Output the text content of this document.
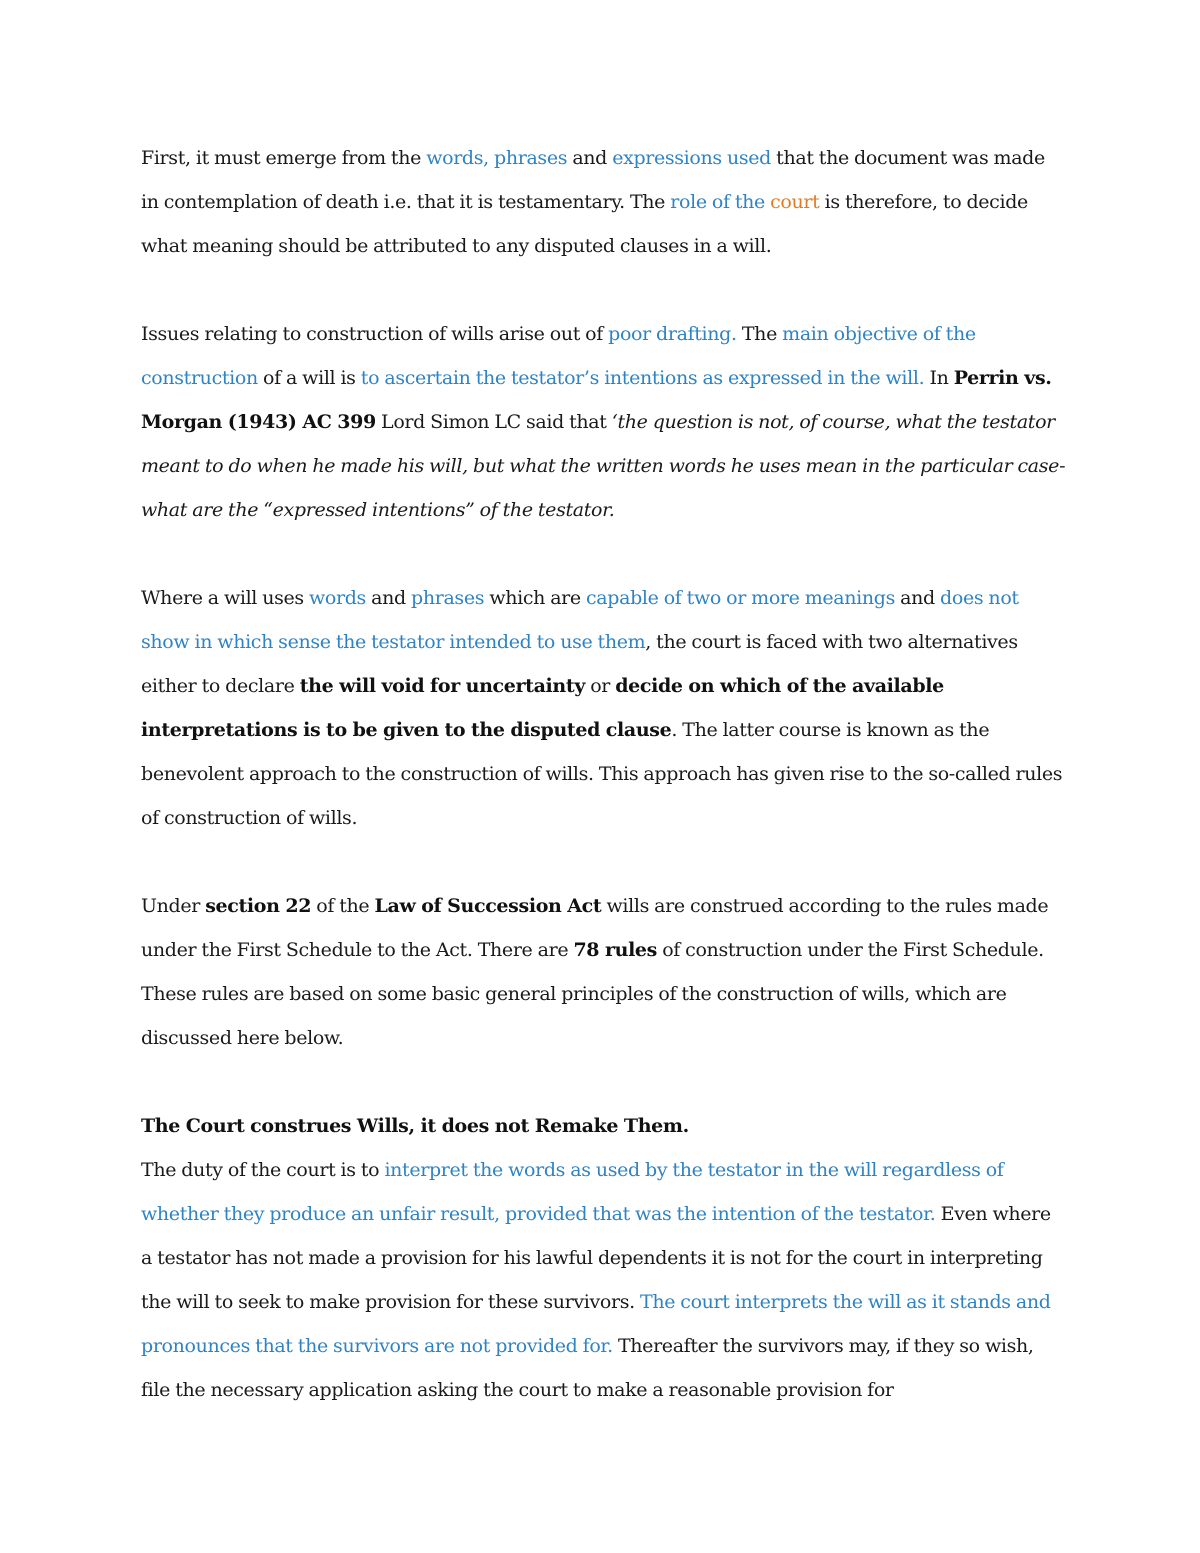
First, it must emerge from the words, phrases and expressions used that the document was made in contemplation of death i.e. that it is testamentary. The role of the court is therefore, to decide what meaning should be attributed to any disputed clauses in a will.

Issues relating to construction of wills arise out of poor drafting. The main objective of the construction of a will is to ascertain the testator’s intentions as expressed in the will. In Perrin vs. Morgan (1943) AC 399 Lord Simon LC said that ‘the question is not, of course, what the testator meant to do when he made his will, but what the written words he uses mean in the particular case- what are the “expressed intentions” of the testator.

Where a will uses words and phrases which are capable of two or more meanings and does not show in which sense the testator intended to use them, the court is faced with two alternatives either to declare the will void for uncertainty or decide on which of the available interpretations is to be given to the disputed clause. The latter course is known as the benevolent approach to the construction of wills. This approach has given rise to the so-called rules of construction of wills.

Under section 22 of the Law of Succession Act wills are construed according to the rules made under the First Schedule to the Act. There are 78 rules of construction under the First Schedule. These rules are based on some basic general principles of the construction of wills, which are discussed here below.

The Court construes Wills, it does not Remake Them.

The duty of the court is to interpret the words as used by the testator in the will regardless of whether they produce an unfair result, provided that was the intention of the testator. Even where a testator has not made a provision for his lawful dependents it is not for the court in interpreting the will to seek to make provision for these survivors. The court interprets the will as it stands and pronounces that the survivors are not provided for. Thereafter the survivors may, if they so wish, file the necessary application asking the court to make a reasonable provision for
